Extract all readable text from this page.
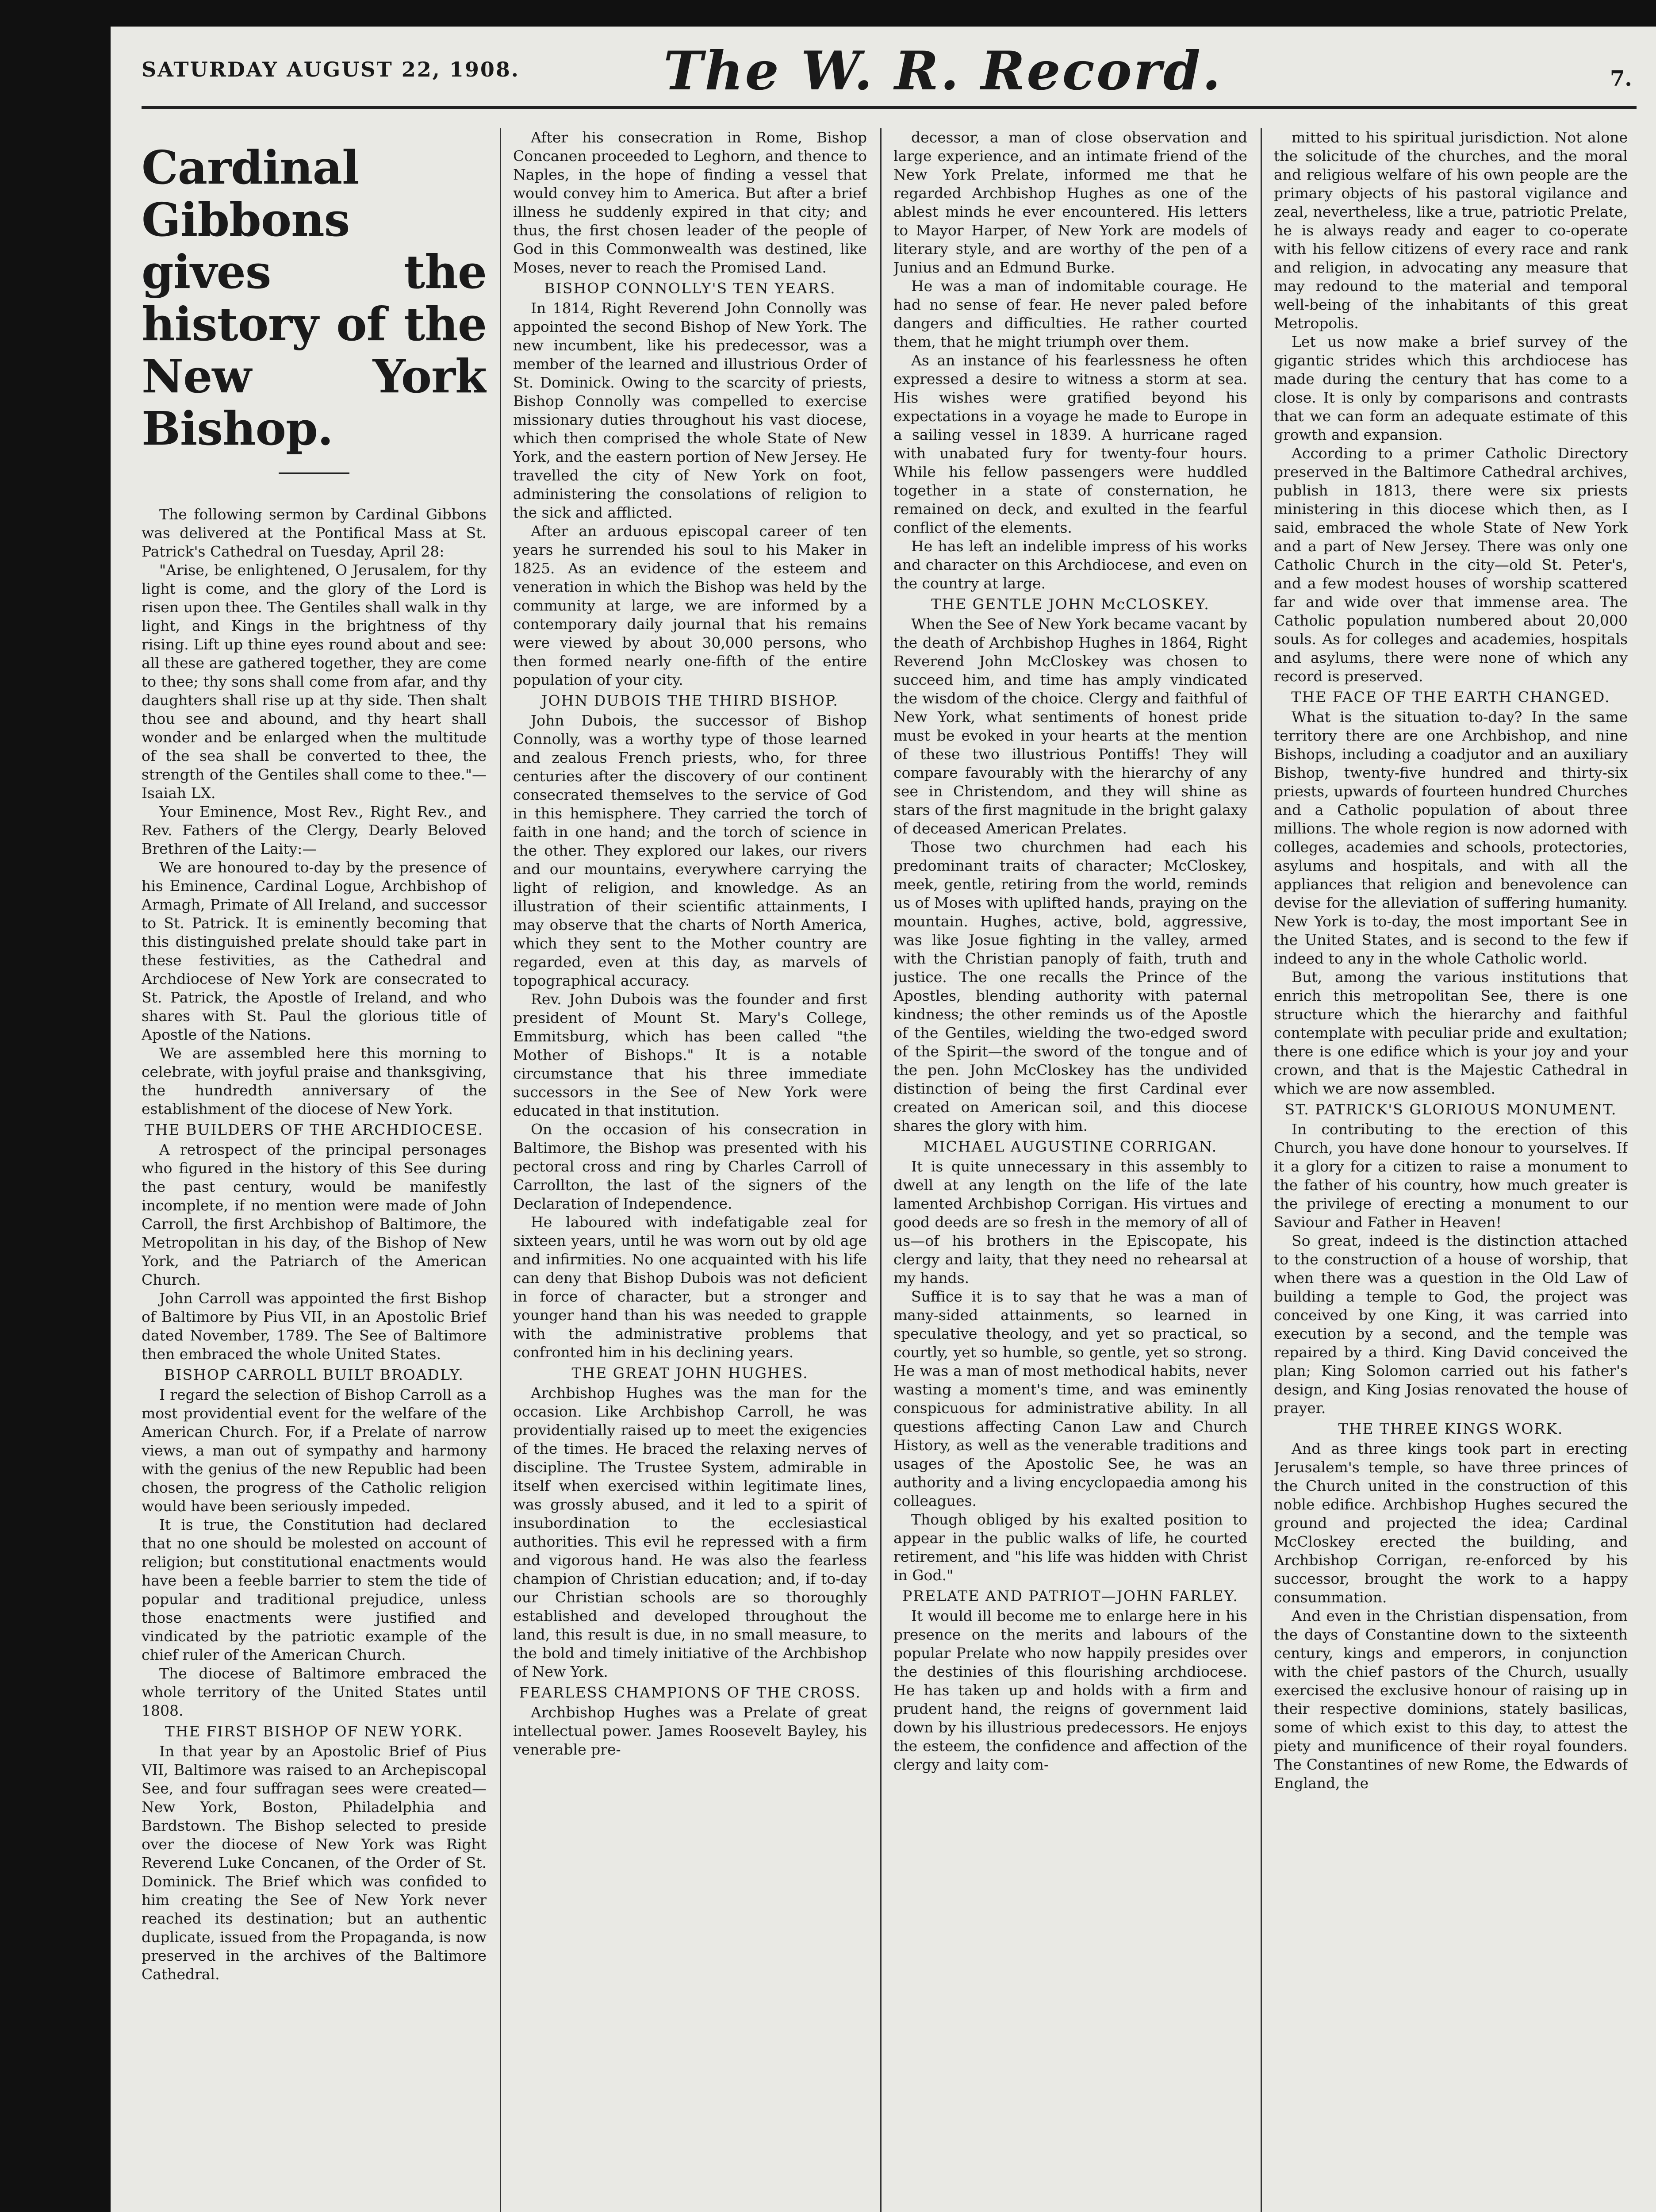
SATURDAY AUGUST 22, 1908.	The W. R. Record.	7.
Cardinal Gibbons gives the history of the New York Bishop.

The following sermon by Cardinal Gibbons was delivered at the Pontifical Mass at St. Patrick's Cathedral on Tuesday, April 28:

"Arise, be enlightened, O Jerusalem, for thy light is come, and the glory of the Lord is risen upon thee. The Gentiles shall walk in thy light, and Kings in the brightness of thy rising. Lift up thine eyes round about and see: all these are gathered together, they are come to thee; thy sons shall come from afar, and thy daughters shall rise up at thy side. Then shalt thou see and abound, and thy heart shall wonder and be enlarged when the multitude of the sea shall be converted to thee, the strength of the Gentiles shall come to thee."—Isaiah LX.

Your Eminence, Most Rev., Right Rev., and Rev. Fathers of the Clergy, Dearly Beloved Brethren of the Laity:—

We are honoured to-day by the presence of his Eminence, Cardinal Logue, Archbishop of Armagh, Primate of All Ireland, and successor to St. Patrick. It is eminently becoming that this distinguished prelate should take part in these festivities, as the Cathedral and Archdiocese of New York are consecrated to St. Patrick, the Apostle of Ireland, and who shares with St. Paul the glorious title of Apostle of the Nations.

We are assembled here this morning to celebrate, with joyful praise and thanksgiving, the hundredth anniversary of the establishment of the diocese of New York.

THE BUILDERS OF THE ARCHDIOCESE.

A retrospect of the principal personages who figured in the history of this See during the past century, would be manifestly incomplete, if no mention were made of John Carroll, the first Archbishop of Baltimore, the Metropolitan in his day, of the Bishop of New York, and the Patriarch of the American Church.

John Carroll was appointed the first Bishop of Baltimore by Pius VII, in an Apostolic Brief dated November, 1789. The See of Baltimore then embraced the whole United States.

BISHOP CARROLL BUILT BROADLY.

I regard the selection of Bishop Carroll as a most providential event for the welfare of the American Church. For, if a Prelate of narrow views, a man out of sympathy and harmony with the genius of the new Republic had been chosen, the progress of the Catholic religion would have been seriously impeded.

It is true, the Constitution had declared that no one should be molested on account of religion; but constitutional enactments would have been a feeble barrier to stem the tide of popular and traditional prejudice, unless those enactments were justified and vindicated by the patriotic example of the chief ruler of the American Church.

The diocese of Baltimore embraced the whole territory of the United States until 1808.

THE FIRST BISHOP OF NEW YORK.

In that year by an Apostolic Brief of Pius VII, Baltimore was raised to an Archepiscopal See, and four suffragan sees were created—New York, Boston, Philadelphia and Bardstown. The Bishop selected to preside over the diocese of New York was Right Reverend Luke Concanen, of the Order of St. Dominick. The Brief which was confided to him creating the See of New York never reached its destination; but an authentic duplicate, issued from the Propaganda, is now preserved in the archives of the Baltimore Cathedral.

After his consecration in Rome, Bishop Concanen proceeded to Leghorn, and thence to Naples, in the hope of finding a vessel that would convey him to America. But after a brief illness he suddenly expired in that city; and thus, the first chosen leader of the people of God in this Commonwealth was destined, like Moses, never to reach the Promised Land.

BISHOP CONNOLLY'S TEN YEARS.

In 1814, Right Reverend John Connolly was appointed the second Bishop of New York. The new incumbent, like his predecessor, was a member of the learned and illustrious Order of St. Dominick. Owing to the scarcity of priests, Bishop Connolly was compelled to exercise missionary duties throughout his vast diocese, which then comprised the whole State of New York, and the eastern portion of New Jersey. He travelled the city of New York on foot, administering the consolations of religion to the sick and afflicted.

After an arduous episcopal career of ten years he surrended his soul to his Maker in 1825. As an evidence of the esteem and veneration in which the Bishop was held by the community at large, we are informed by a contemporary daily journal that his remains were viewed by about 30,000 persons, who then formed nearly one-fifth of the entire population of your city.

JOHN DUBOIS THE THIRD BISHOP.

John Dubois, the successor of Bishop Connolly, was a worthy type of those learned and zealous French priests, who, for three centuries after the discovery of our continent consecrated themselves to the service of God in this hemisphere. They carried the torch of faith in one hand; and the torch of science in the other. They explored our lakes, our rivers and our mountains, everywhere carrying the light of religion, and knowledge. As an illustration of their scientific attainments, I may observe that the charts of North America, which they sent to the Mother country are regarded, even at this day, as marvels of topographical accuracy.

Rev. John Dubois was the founder and first president of Mount St. Mary's College, Emmitsburg, which has been called "the Mother of Bishops." It is a notable circumstance that his three immediate successors in the See of New York were educated in that institution.

On the occasion of his consecration in Baltimore, the Bishop was presented with his pectoral cross and ring by Charles Carroll of Carrollton, the last of the signers of the Declaration of Independence.

He laboured with indefatigable zeal for sixteen years, until he was worn out by old age and infirmities. No one acquainted with his life can deny that Bishop Dubois was not deficient in force of character, but a stronger and younger hand than his was needed to grapple with the administrative problems that confronted him in his declining years.

THE GREAT JOHN HUGHES.

Archbishop Hughes was the man for the occasion. Like Archbishop Carroll, he was providentially raised up to meet the exigencies of the times. He braced the relaxing nerves of discipline. The Trustee System, admirable in itself when exercised within legitimate lines, was grossly abused, and it led to a spirit of insubordination to the ecclesiastical authorities. This evil he repressed with a firm and vigorous hand. He was also the fearless champion of Christian education; and, if to-day our Christian schools are so thoroughly established and developed throughout the land, this result is due, in no small measure, to the bold and timely initiative of the Archbishop of New York.

FEARLESS CHAMPIONS OF THE CROSS.

Archbishop Hughes was a Prelate of great intellectual power. James Roosevelt Bayley, his venerable pre-

decessor, a man of close observation and large experience, and an intimate friend of the New York Prelate, informed me that he regarded Archbishop Hughes as one of the ablest minds he ever encountered. His letters to Mayor Harper, of New York are models of literary style, and are worthy of the pen of a Junius and an Edmund Burke.

He was a man of indomitable courage. He had no sense of fear. He never paled before dangers and difficulties. He rather courted them, that he might triumph over them.

As an instance of his fearlessness he often expressed a desire to witness a storm at sea. His wishes were gratified beyond his expectations in a voyage he made to Europe in a sailing vessel in 1839. A hurricane raged with unabated fury for twenty-four hours. While his fellow passengers were huddled together in a state of consternation, he remained on deck, and exulted in the fearful conflict of the elements.

He has left an indelible impress of his works and character on this Archdiocese, and even on the country at large.

THE GENTLE JOHN McCLOSKEY.

When the See of New York became vacant by the death of Archbishop Hughes in 1864, Right Reverend John McCloskey was chosen to succeed him, and time has amply vindicated the wisdom of the choice. Clergy and faithful of New York, what sentiments of honest pride must be evoked in your hearts at the mention of these two illustrious Pontiffs! They will compare favourably with the hierarchy of any see in Christendom, and they will shine as stars of the first magnitude in the bright galaxy of deceased American Prelates.

Those two churchmen had each his predominant traits of character; McCloskey, meek, gentle, retiring from the world, reminds us of Moses with uplifted hands, praying on the mountain. Hughes, active, bold, aggressive, was like Josue fighting in the valley, armed with the Christian panoply of faith, truth and justice. The one recalls the Prince of the Apostles, blending authority with paternal kindness; the other reminds us of the Apostle of the Gentiles, wielding the two-edged sword of the Spirit—the sword of the tongue and of the pen. John McCloskey has the undivided distinction of being the first Cardinal ever created on American soil, and this diocese shares the glory with him.

MICHAEL AUGUSTINE CORRIGAN.

It is quite unnecessary in this assembly to dwell at any length on the life of the late lamented Archbishop Corrigan. His virtues and good deeds are so fresh in the memory of all of us—of his brothers in the Episcopate, his clergy and laity, that they need no rehearsal at my hands.

Suffice it is to say that he was a man of many-sided attainments, so learned in speculative theology, and yet so practical, so courtly, yet so humble, so gentle, yet so strong. He was a man of most methodical habits, never wasting a moment's time, and was eminently conspicuous for administrative ability. In all questions affecting Canon Law and Church History, as well as the venerable traditions and usages of the Apostolic See, he was an authority and a living encyclopaedia among his colleagues.

Though obliged by his exalted position to appear in the public walks of life, he courted retirement, and "his life was hidden with Christ in God."

PRELATE AND PATRIOT—JOHN FARLEY.

It would ill become me to enlarge here in his presence on the merits and labours of the popular Prelate who now happily presides over the destinies of this flourishing archdiocese. He has taken up and holds with a firm and prudent hand, the reigns of government laid down by his illustrious predecessors. He enjoys the esteem, the confidence and affection of the clergy and laity com-

mitted to his spiritual jurisdiction. Not alone the solicitude of the churches, and the moral and religious welfare of his own people are the primary objects of his pastoral vigilance and zeal, nevertheless, like a true, patriotic Prelate, he is always ready and eager to co-operate with his fellow citizens of every race and rank and religion, in advocating any measure that may redound to the material and temporal well-being of the inhabitants of this great Metropolis.

Let us now make a brief survey of the gigantic strides which this archdiocese has made during the century that has come to a close. It is only by comparisons and contrasts that we can form an adequate estimate of this growth and expansion.

According to a primer Catholic Directory preserved in the Baltimore Cathedral archives, publish in 1813, there were six priests ministering in this diocese which then, as I said, embraced the whole State of New York and a part of New Jersey. There was only one Catholic Church in the city—old St. Peter's, and a few modest houses of worship scattered far and wide over that immense area. The Catholic population numbered about 20,000 souls. As for colleges and academies, hospitals and asylums, there were none of which any record is preserved.

THE FACE OF THE EARTH CHANGED.

What is the situation to-day? In the same territory there are one Archbishop, and nine Bishops, including a coadjutor and an auxiliary Bishop, twenty-five hundred and thirty-six priests, upwards of fourteen hundred Churches and a Catholic population of about three millions. The whole region is now adorned with colleges, academies and schools, protectories, asylums and hospitals, and with all the appliances that religion and benevolence can devise for the alleviation of suffering humanity. New York is to-day, the most important See in the United States, and is second to the few if indeed to any in the whole Catholic world.

But, among the various institutions that enrich this metropolitan See, there is one structure which the hierarchy and faithful contemplate with peculiar pride and exultation; there is one edifice which is your joy and your crown, and that is the Majestic Cathedral in which we are now assembled.

ST. PATRICK'S GLORIOUS MONUMENT.

In contributing to the erection of this Church, you have done honour to yourselves. If it a glory for a citizen to raise a monument to the father of his country, how much greater is the privilege of erecting a monument to our Saviour and Father in Heaven!

So great, indeed is the distinction attached to the construction of a house of worship, that when there was a question in the Old Law of building a temple to God, the project was conceived by one King, it was carried into execution by a second, and the temple was repaired by a third. King David conceived the plan; King Solomon carried out his father's design, and King Josias renovated the house of prayer.

THE THREE KINGS WORK.

And as three kings took part in erecting Jerusalem's temple, so have three princes of the Church united in the construction of this noble edifice. Archbishop Hughes secured the ground and projected the idea; Cardinal McCloskey erected the building, and Archbishop Corrigan, re-enforced by his successor, brought the work to a happy consummation.

And even in the Christian dispensation, from the days of Constantine down to the sixteenth century, kings and emperors, in conjunction with the chief pastors of the Church, usually exercised the exclusive honour of raising up in their respective dominions, stately basilicas, some of which exist to this day, to attest the piety and munificence of their royal founders. The Constantines of new Rome, the Edwards of England, the
